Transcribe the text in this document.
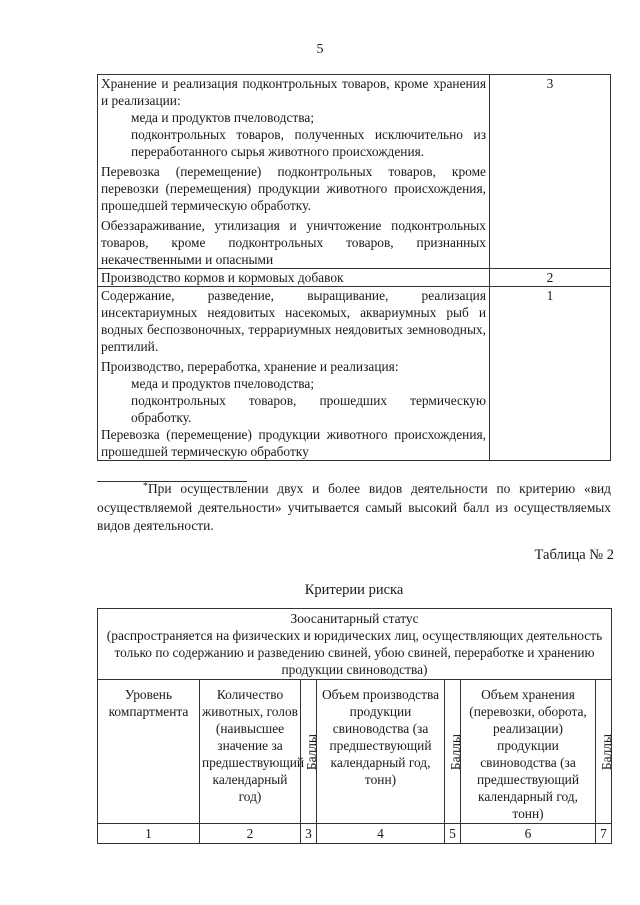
5
Хранение и реализация подконтрольных товаров, кроме хранения и реализации:
меда и продуктов пчеловодства;
подконтрольных товаров, полученных исключительно из переработанного сырья животного происхождения.
Перевозка (перемещение) подконтрольных товаров, кроме перевозки (перемещения) продукции животного происхождения, прошедшей термическую обработку.
Обеззараживание, утилизация и уничтожение подконтрольных товаров, кроме подконтрольных товаров, признанных некачественными и опасными	3

Производство кормов и кормовых добавок	2

Содержание, разведение, выращивание, реализация инсектариумных неядовитых насекомых, аквариумных рыб и водных беспозвоночных, террариумных неядовитых земноводных, рептилий.
Производство, переработка, хранение и реализация:
меда и продуктов пчеловодства;
подконтрольных товаров, прошедших термическую обработку.
Перевозка (перемещение) продукции животного происхождения, прошедшей термическую обработку	1
*При осуществлении двух и более видов деятельности по критерию «вид осуществляемой деятельности» учитывается самый высокий балл из осуществляемых видов деятельности.
Таблица № 2
Критерии риска
Зоосанитарный статус
(распространяется на физических и юридических лиц, осуществляющих деятельность только по содержанию и разведению свиней, убою свиней, переработке и хранению продукции свиноводства)						

Уровень компартмента	Количество животных, голов (наивысшее значение за предшествующий календарный год)	Баллы	Объем производства продукции свиноводства (за предшествующий календарный год, тонн)	Баллы	Объем хранения (перевозки, оборота, реализации) продукции свиноводства (за предшествующий календарный год, тонн)	Баллы
1	2	3	4	5	6	7
